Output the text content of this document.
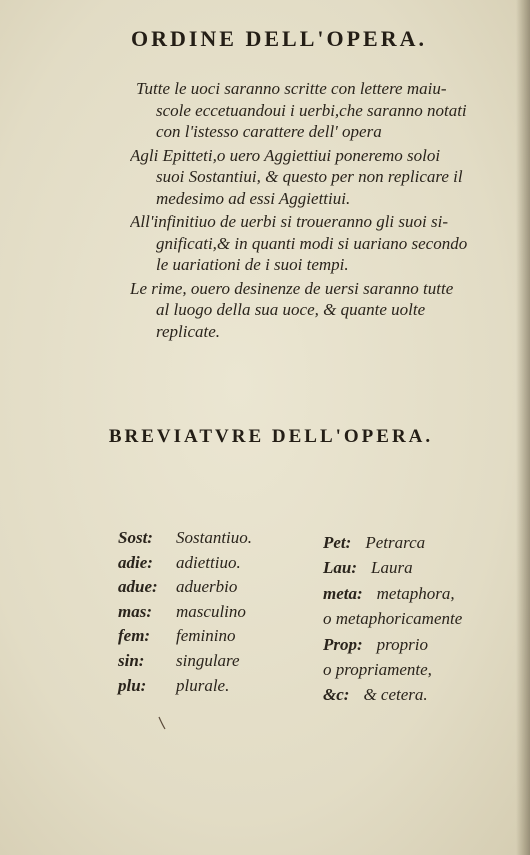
ORDINE DELL'OPERA.
Tutte le uoci saranno scritte con lettere maiu-
scole eccetuandoui i uerbi,che saranno notati
con l'istesso carattere dell' opera
Agli Epitteti,o uero Aggiettiui poneremo soloi
suoi Sostantiui, & questo per non replicare il
medesimo ad essi Aggiettiui.
All'infinitiuo de uerbi si troueranno gli suoi si-
gnificati,& in quanti modi si uariano secondo
le uariationi de i suoi tempi.
Le rime, ouero desinenze de uersi saranno tutte
al luogo della sua uoce, & quante uolte
replicate.
BREVIATVRE DELL'OPERA.
Sost: Sostantiuo.
adie: adiettiuo.
adue: aduerbio
mas: masculino
fem: feminino
sin: singulare
plu: plurale.
Pet: Petrarca
Lau: Laura
meta: metaphora,
o metaphoricamente
Prop: proprio
o propriamente,
&c: & cetera.
